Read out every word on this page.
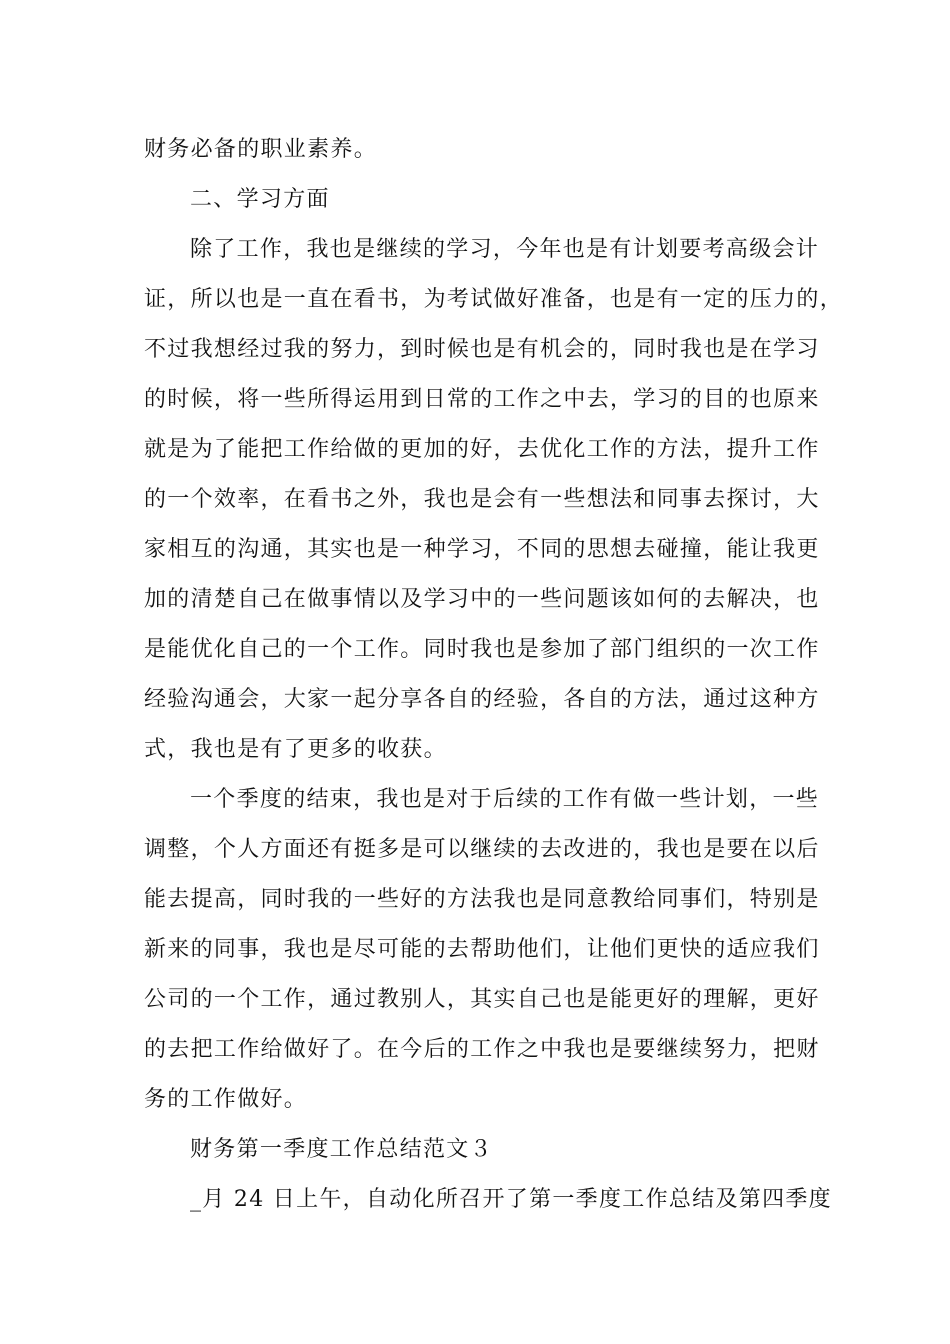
财务必备的职业素养。
二、学习方面
除了工作，我也是继续的学习，今年也是有计划要考高级会计
证，所以也是一直在看书，为考试做好准备，也是有一定的压力的，
不过我想经过我的努力，到时候也是有机会的，同时我也是在学习
的时候，将一些所得运用到日常的工作之中去，学习的目的也原来
就是为了能把工作给做的更加的好，去优化工作的方法，提升工作
的一个效率，在看书之外，我也是会有一些想法和同事去探讨，大
家相互的沟通，其实也是一种学习，不同的思想去碰撞，能让我更
加的清楚自己在做事情以及学习中的一些问题该如何的去解决，也
是能优化自己的一个工作。同时我也是参加了部门组织的一次工作
经验沟通会，大家一起分享各自的经验，各自的方法，通过这种方
式，我也是有了更多的收获。
一个季度的结束，我也是对于后续的工作有做一些计划，一些
调整，个人方面还有挺多是可以继续的去改进的，我也是要在以后
能去提高，同时我的一些好的方法我也是同意教给同事们，特别是
新来的同事，我也是尽可能的去帮助他们，让他们更快的适应我们
公司的一个工作，通过教别人，其实自己也是能更好的理解，更好
的去把工作给做好了。在今后的工作之中我也是要继续努力，把财
务的工作做好。
财务第一季度工作总结范文３
_月 24 日上午，自动化所召开了第一季度工作总结及第四季度
